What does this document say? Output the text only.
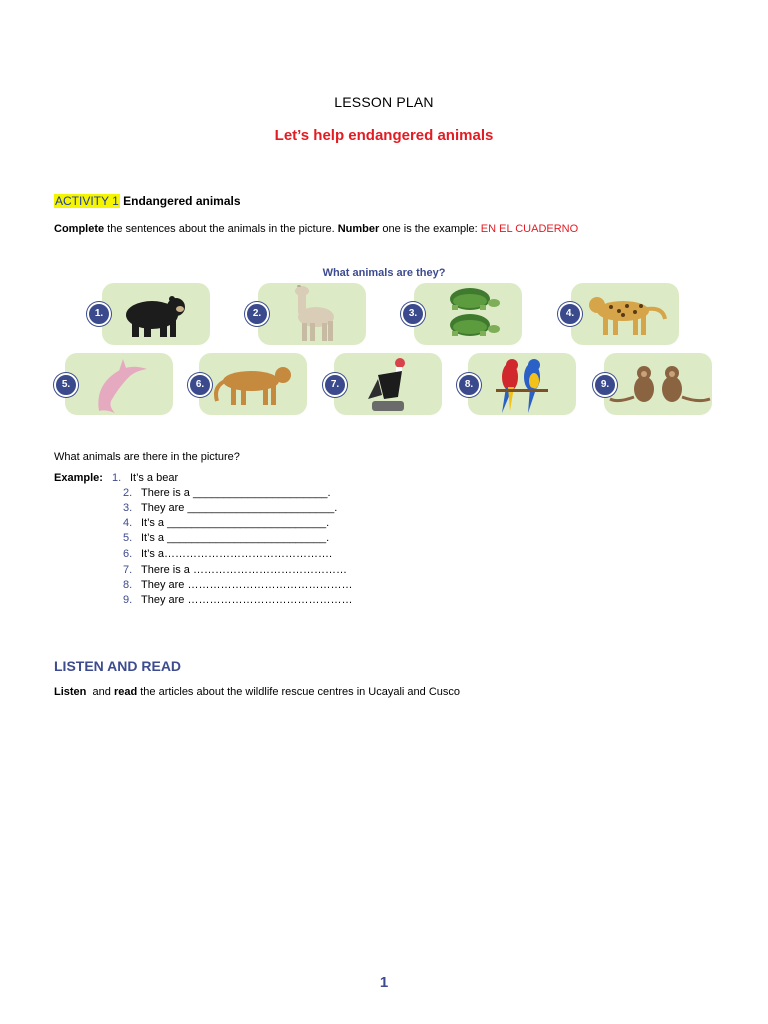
LESSON PLAN
Let’s help endangered animals
ACTIVITY 1 Endangered animals
Complete the sentences about the animals in the picture. Number one is the example: EN EL CUADERNO
What animals are they?
1.	2.	3.	4.
5.	6.	7.	8.	9.
What animals are there in the picture?
Example: 1. It’s a bear
2. There is a ______________________.
3. They are ________________________.
4. It’s a __________________________.
5. It’s a __________________________.
6. It’s a……………………………………….
7. There is a ……………………………………
8. They are ………………………………………
9. They are ………………………………………
LISTEN AND READ
Listen  and read the articles about the wildlife rescue centres in Ucayali and Cusco
1
